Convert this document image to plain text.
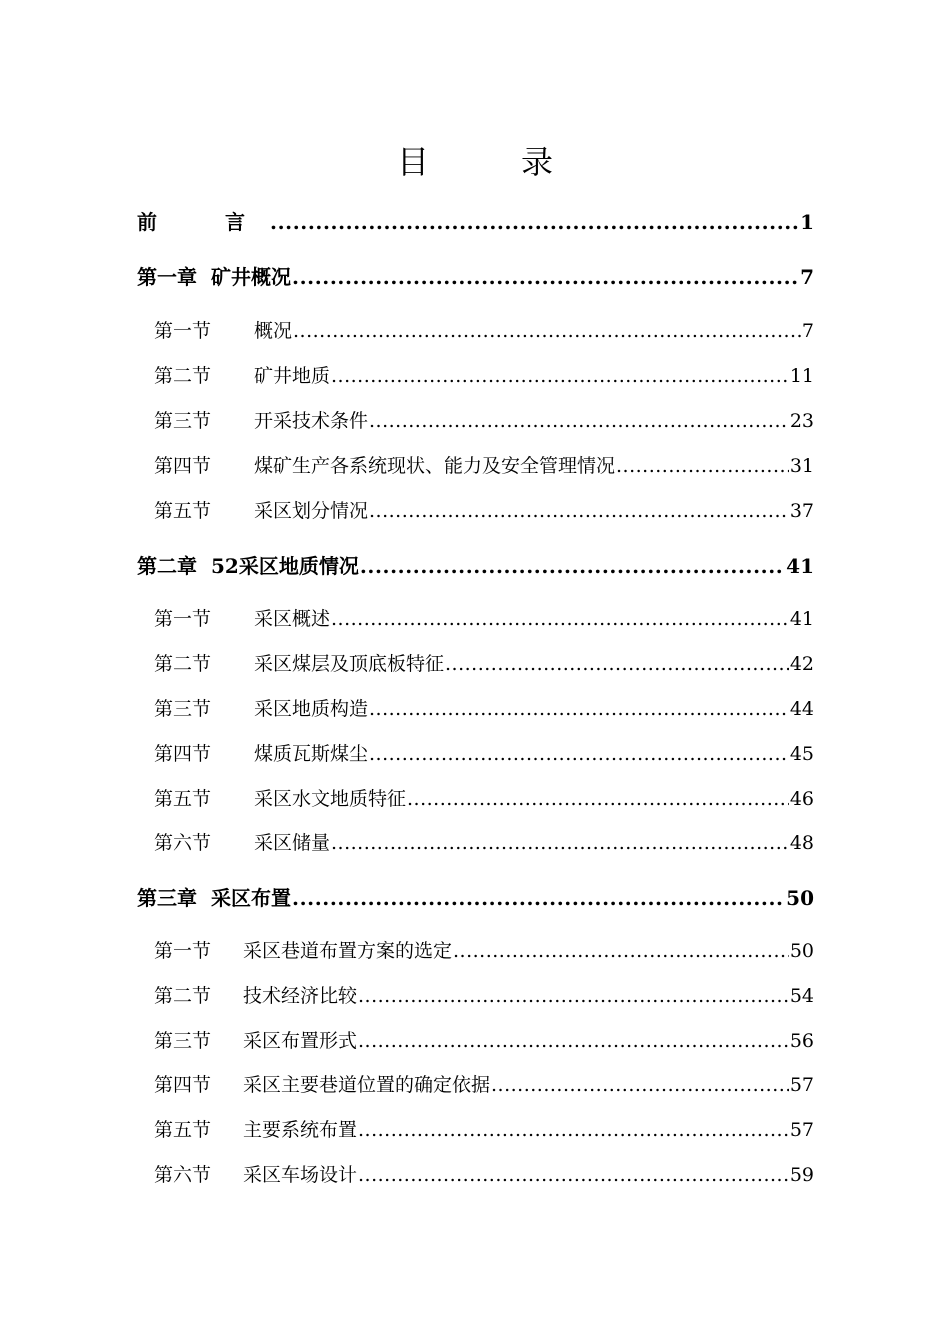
目录
前　言 .....	1
第一章 矿井概况 .....	7
第一节	概况 .....	7
第二节	矿井地质 .....	11
第三节	开采技术条件 .....	23
第四节	煤矿生产各系统现状、能力及安全管理情况 .....	31
第五节	采区划分情况 .....	37
第二章 52采区地质情况 .....	41
第一节	采区概述 .....	41
第二节	采区煤层及顶底板特征 .....	42
第三节	采区地质构造 .....	44
第四节	煤质瓦斯煤尘 .....	45
第五节	采区水文地质特征 .....	46
第六节	采区储量 .....	48
第三章 采区布置 .....	50
第一节	采区巷道布置方案的选定 .....	50
第二节	技术经济比较 .....	54
第三节	采区布置形式 .....	56
第四节	采区主要巷道位置的确定依据 .....	57
第五节	主要系统布置 .....	57
第六节	采区车场设计 .....	59
